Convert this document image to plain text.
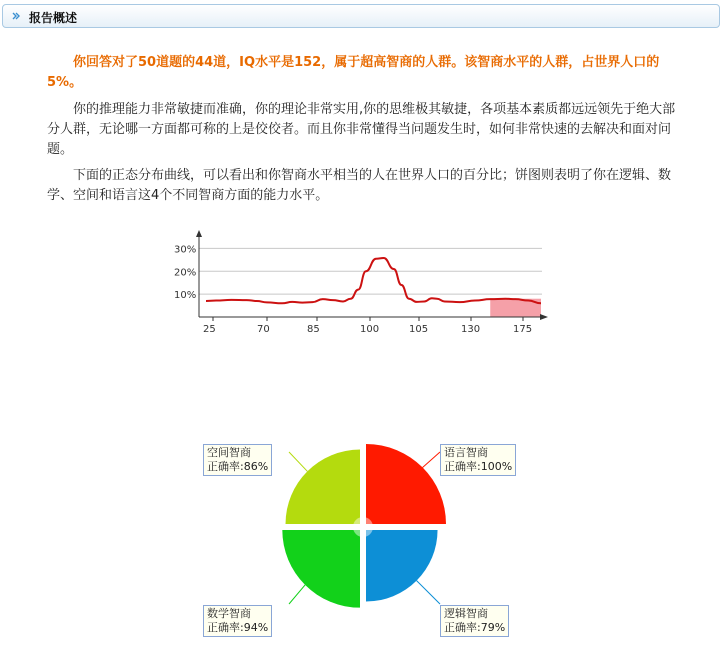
报告概述

你回答对了50道题的44道，IQ水平是152，属于超高智商的人群。该智商水平的人群，占世界人口的5%。

你的推理能力非常敏捷而准确，你的理论非常实用,你的思维极其敏捷，各项基本素质都远远领先于绝大部分人群，无论哪一方面都可称的上是佼佼者。而且你非常懂得当问题发生时，如何非常快速的去解决和面对问题。

下面的正态分布曲线，可以看出和你智商水平相当的人在世界人口的百分比；饼图则表明了你在逻辑、数学、空间和语言这4个不同智商方面的能力水平。

10%
20%
30%
25	70	85	100	105	130	175
语言智商
正确率:100%
逻辑智商
正确率:79%
数学智商
正确率:94%
空间智商
正确率:86%
